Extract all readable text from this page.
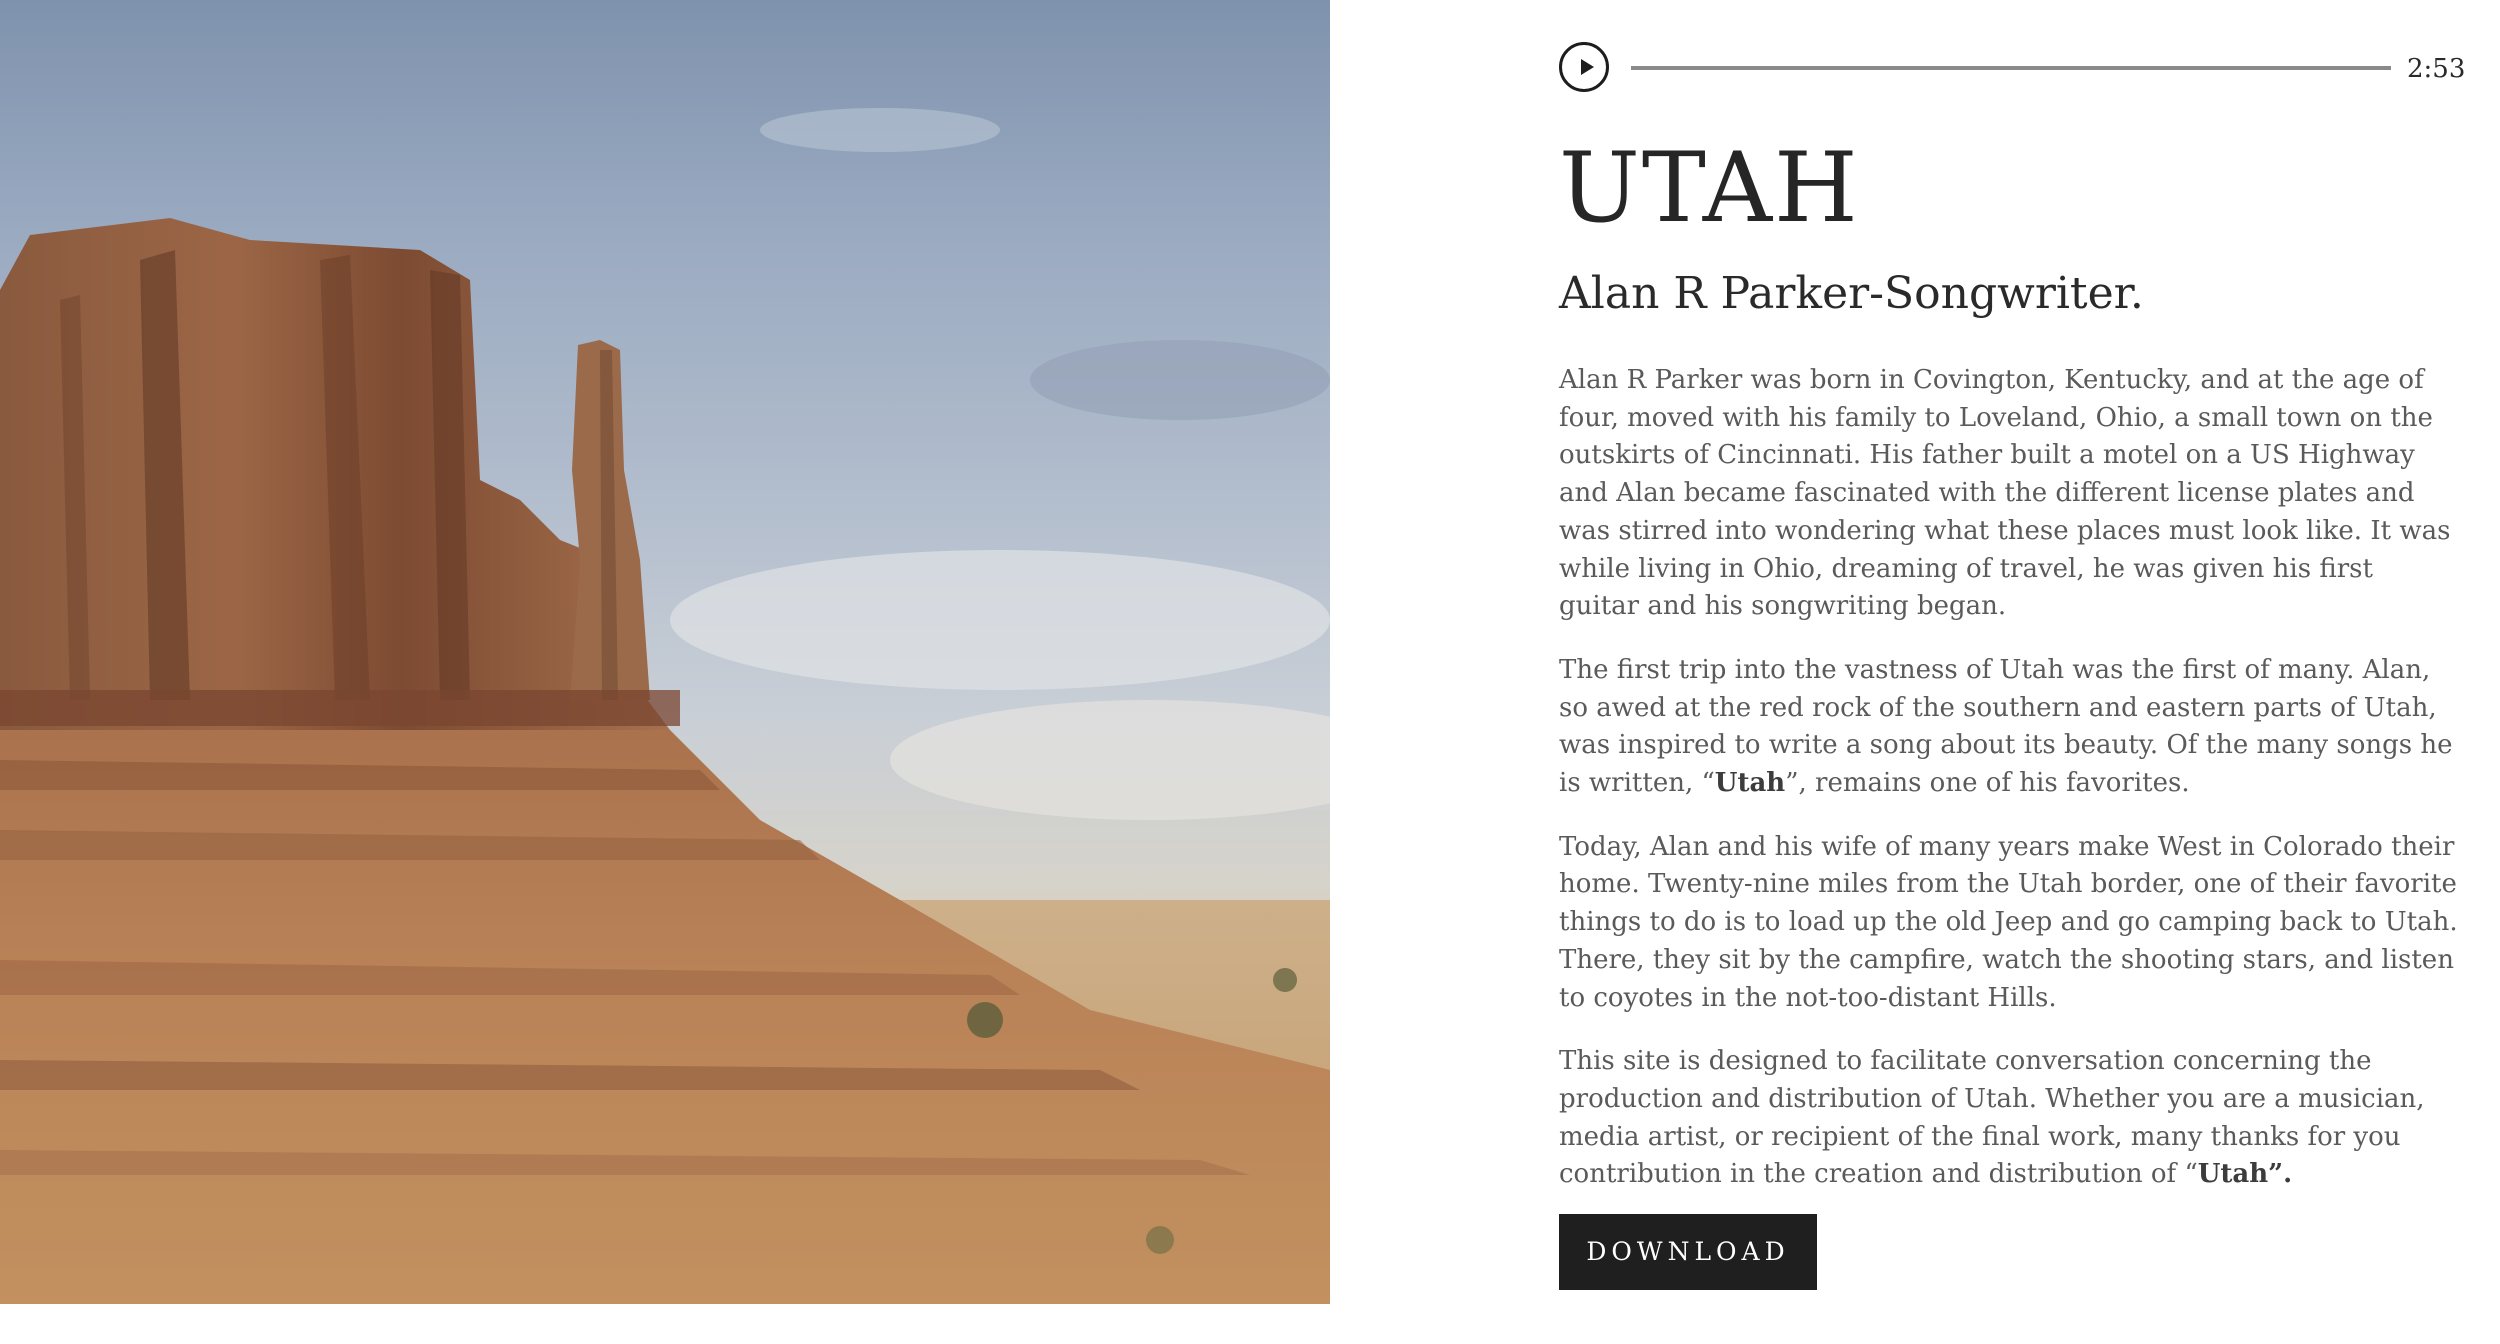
2:53
UTAH
Alan R Parker-Songwriter.

Alan R Parker was born in Covington, Kentucky, and at the age of four, moved with his family to Loveland, Ohio, a small town on the outskirts of Cincinnati. His father built a motel on a US Highway and Alan became fascinated with the different license plates and was stirred into wondering what these places must look like. It was while living in Ohio, dreaming of travel, he was given his first guitar and his songwriting began.

The first trip into the vastness of Utah was the first of many. Alan, so awed at the red rock of the southern and eastern parts of Utah, was inspired to write a song about its beauty. Of the many songs he is written, “Utah”, remains one of his favorites.

Today, Alan and his wife of many years make West in Colorado their home. Twenty-nine miles from the Utah border, one of their favorite things to do is to load up the old Jeep and go camping back to Utah. There, they sit by the campfire, watch the shooting stars, and listen to coyotes in the not-too-distant Hills.

This site is designed to facilitate conversation concerning the production and distribution of Utah. Whether you are a musician, media artist, or recipient of the final work, many thanks for you contribution in the creation and distribution of “Utah”.

DOWNLOAD
